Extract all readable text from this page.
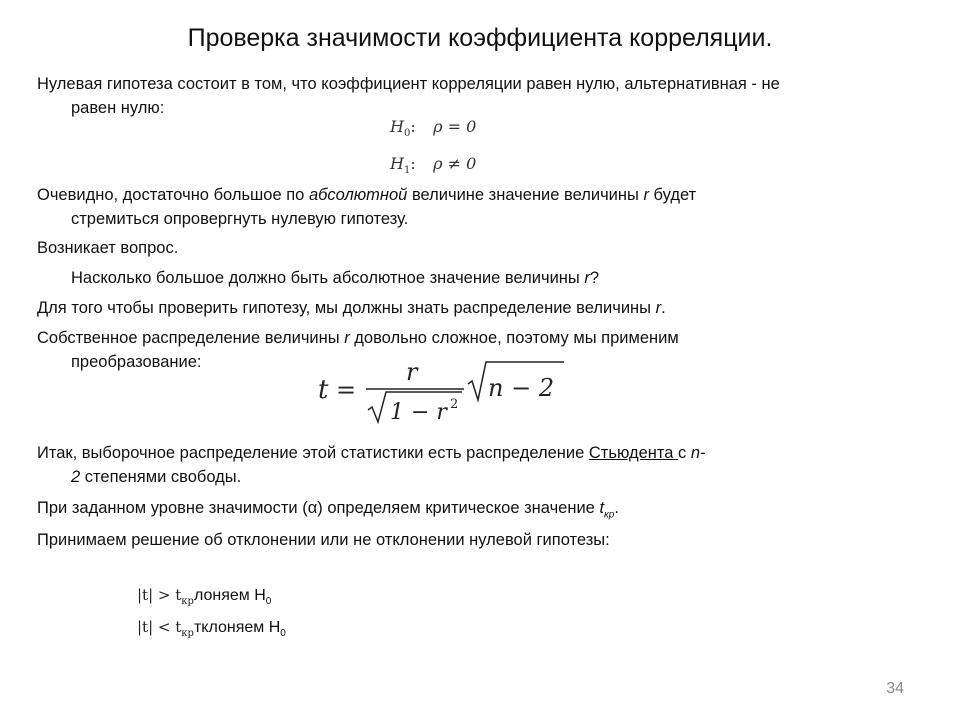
Проверка значимости коэффициента корреляции.
Нулевая гипотеза состоит в том, что коэффициент корреляции равен нулю, альтернативная - не
равен нулю:
$H_0$: ρ = 0
$H_1$: ρ ≠ 0
Очевидно, достаточно большое по абсолютной величине значение величины r будет
стремиться опровергнуть нулевую гипотезу.
Возникает вопрос.
Насколько большое должно быть абсолютное значение величины r?
Для того чтобы проверить гипотезу, мы должны знать распределение величины r.
Собственное распределение величины r довольно сложное, поэтому мы применим
преобразование:
t =
r
1 − r 2
n − 2
Итак, выборочное распределение этой статистики есть распределение Стьюдента с n-
2 степенями свободы.
При заданном уровне значимости (α) определяем критическое значение $t_{кр}$.
Принимаем решение об отклонении или не отклонении нулевой гипотезы:
$|t| > t_{кр}лоняем$ $H_0$
$|t| < t_{кр}тклоняем$ $H_0$
34
